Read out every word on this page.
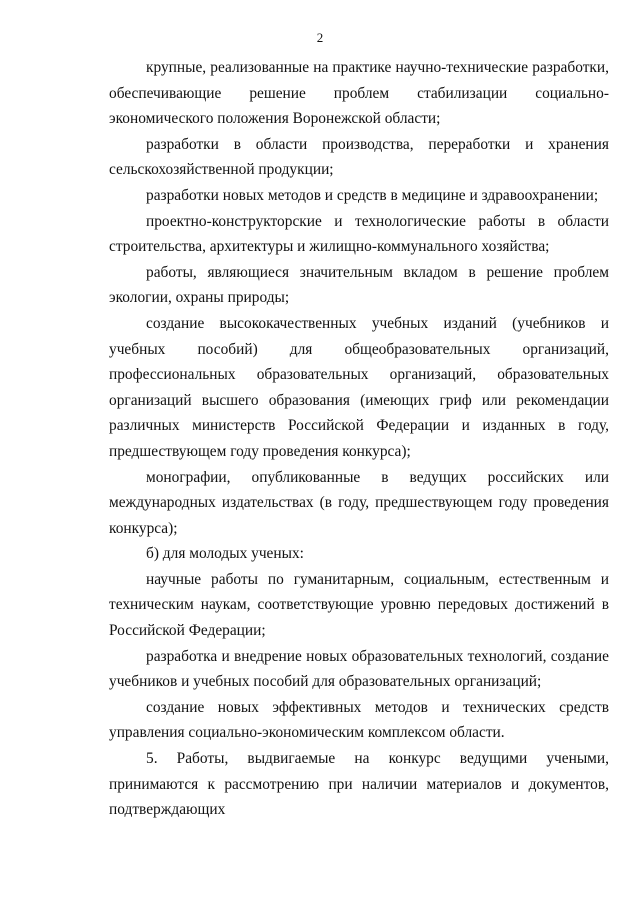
2

крупные, реализованные на практике научно-технические разработки, обеспечивающие решение проблем стабилизации социально-экономического положения Воронежской области;

разработки в области производства, переработки и хранения сельскохозяйственной продукции;

разработки новых методов и средств в медицине и здравоохранении;

проектно-конструкторские и технологические работы в области строительства, архитектуры и жилищно-коммунального хозяйства;

работы, являющиеся значительным вкладом в решение проблем экологии, охраны природы;

создание высококачественных учебных изданий (учебников и учебных пособий) для общеобразовательных организаций, профессиональных образовательных организаций, образовательных организаций высшего образования (имеющих гриф или рекомендации различных министерств Российской Федерации и изданных в году, предшествующем году проведения конкурса);

монографии, опубликованные в ведущих российских или международных издательствах (в году, предшествующем году проведения конкурса);

б) для молодых ученых:

научные работы по гуманитарным, социальным, естественным и техническим наукам, соответствующие уровню передовых достижений в Российской Федерации;

разработка и внедрение новых образовательных технологий, создание учебников и учебных пособий для образовательных организаций;

создание новых эффективных методов и технических средств управления социально-экономическим комплексом области.

5. Работы, выдвигаемые на конкурс ведущими учеными, принимаются к рассмотрению при наличии материалов и документов, подтверждающих
